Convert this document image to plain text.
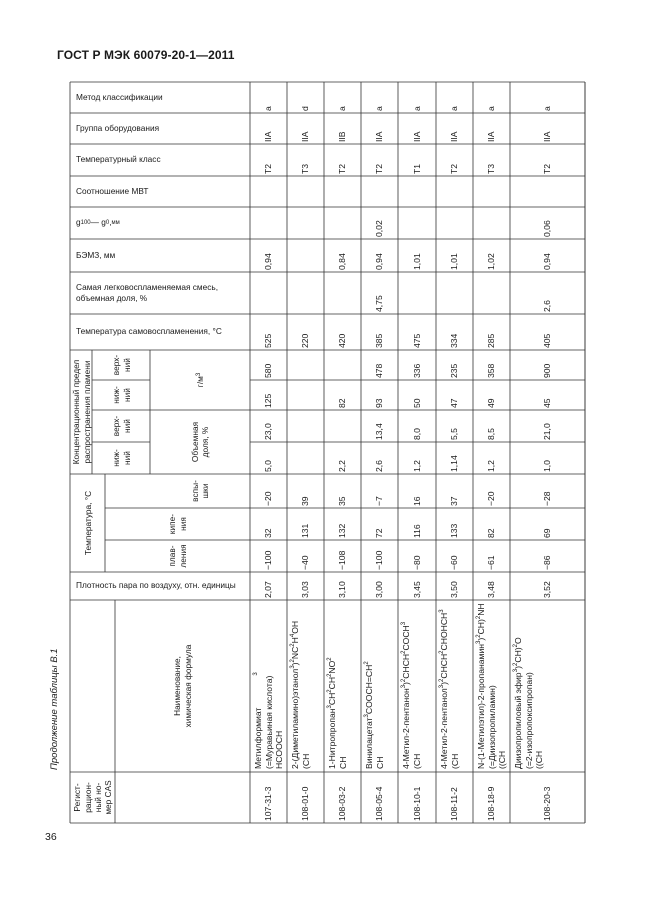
ГОСТ Р МЭК 60079-20-1—2011
Продолжение таблицы B.1
36
Метод классификации
Группа оборудования
Температурный класс
Соотношение МВТ
g 100 — g 0 , мм
БЭМЗ, мм
Самая легковоспламеняемая смесь, объемная доля, %
Температура самовоспламенения, °С
Плотность пара по воздуху, отн. единицы
Концентрационный предел
распространения пламени	верх-
ний
ниж-
ний
верх-
ний
ниж-
ний
г/м
3
Объемная
доля, %
Температура, °С	вспы-
шки
кипе-
ния
плав-
ления
Наименование,
химическая формула
Регист-
рацион-
ный но-
мер CAS
a
IIA
T2
0,94
525
580
125
23,0
5,0
−20
32
−100
2,07
Метилформиат
(=Муравьиная кислота)
HCOOCH
3
107-31-3
d
IIA
T3
220
39
131
−40
3,03
2-(Диметиламино)этанол
(CH
3
)
2
NC
2
H
4
OH
108-01-0
a
IIB
T2
0,84
420
82
2,2
35
132
−108
3,10
1-Нитропропан
CH
3
CH
2
CH
2
NO
2
108-03-2
a
IIA
T2
0,02
0,94
4,75
385
478
93
13,4
2,6
−7
72
−100
3,00
Винилацетат
CH
3
COOCH=CH
2
108-05-4
a
IIA
T1
1,01
475
336
50
8,0
1,2
16
116
−80
3,45
4-Метил-2-пентанон
(CH
3
)
2
CHCH
2
COCH
3
108-10-1
a
IIA
T2
1,01
334
235
47
5,5
1,14
37
133
−60
3,50
4-Метил-2-пентанол
(CH
3
)
2
CHCH
2
CHOHCH
3
108-11-2
a
IIA
T3
1,02
285
358
49
8,5
1,2
−20
82
−61
3,48
N-(1-Метилэтил)-2-пропанамин
(=Диизопропиламин)
((CH
3
)
2
CH)
2
NH
108-18-9
a
IIA
T2
0,06
0,94
2,6
405
900
45
21,0
1,0
−28
69
−86
3,52
Диизопропиловый эфир
(=2-изопропоксипропан)
((CH
3
)
2
CH)
2
O
108-20-3
